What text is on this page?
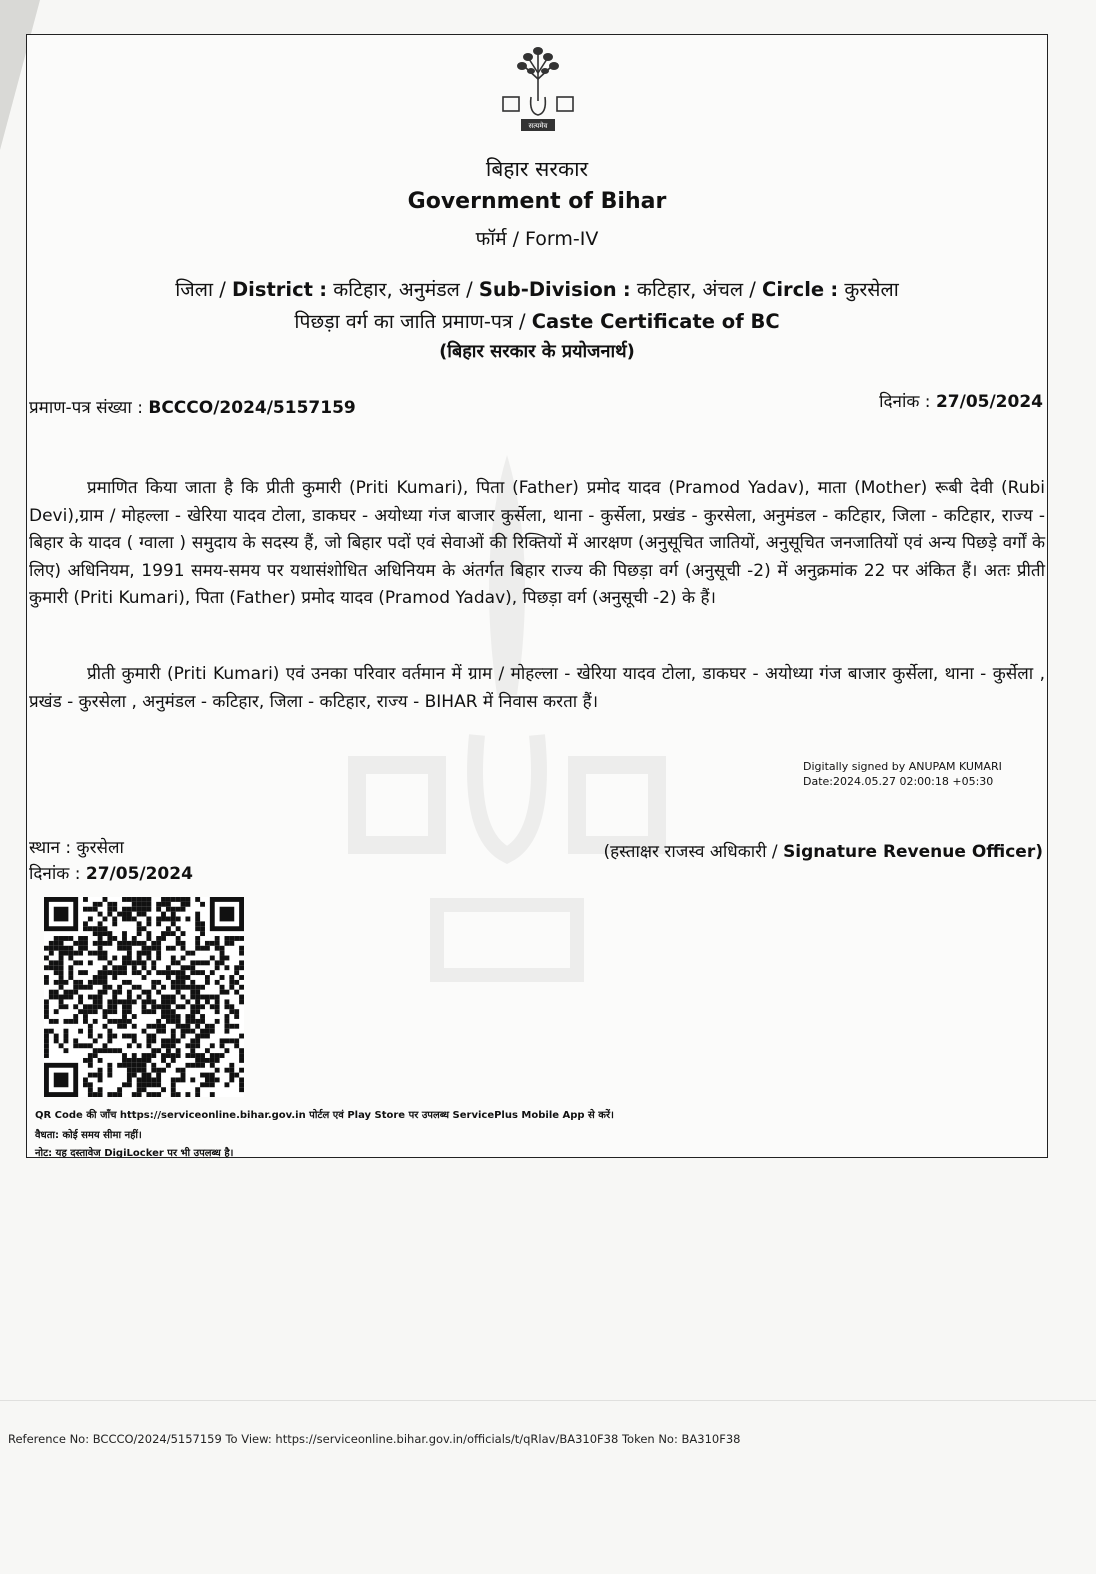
सत्यमेव
बिहार सरकार
Government of Bihar
फॉर्म / Form-IV
जिला / District : कटिहार, अनुमंडल / Sub-Division : कटिहार, अंचल / Circle : कुरसेला
पिछड़ा वर्ग का जाति प्रमाण-पत्र / Caste Certificate of BC
(बिहार सरकार के प्रयोजनार्थ)
प्रमाण-पत्र संख्या : BCCCO/2024/5157159	दिनांक : 27/05/2024
प्रमाणित किया जाता है कि प्रीती कुमारी (Priti Kumari), पिता (Father) प्रमोद यादव (Pramod Yadav), माता (Mother) रूबी देवी (Rubi Devi),ग्राम / मोहल्ला - खेरिया यादव टोला, डाकघर - अयोध्या गंज बाजार कुर्सेला, थाना - कुर्सेला, प्रखंड - कुरसेला, अनुमंडल - कटिहार, जिला - कटिहार, राज्य - बिहार के यादव ( ग्वाला ) समुदाय के सदस्य हैं, जो बिहार पदों एवं सेवाओं की रिक्तियों में आरक्षण (अनुसूचित जातियों, अनुसूचित जनजातियों एवं अन्य पिछड़े वर्गों के लिए) अधिनियम, 1991 समय-समय पर यथासंशोधित अधिनियम के अंतर्गत बिहार राज्य की पिछड़ा वर्ग (अनुसूची -2) में अनुक्रमांक 22 पर अंकित हैं। अतः प्रीती कुमारी (Priti Kumari), पिता (Father) प्रमोद यादव (Pramod Yadav), पिछड़ा वर्ग (अनुसूची -2) के हैं।
प्रीती कुमारी (Priti Kumari) एवं उनका परिवार वर्तमान में ग्राम / मोहल्ला - खेरिया यादव टोला, डाकघर - अयोध्या गंज बाजार कुर्सेला, थाना - कुर्सेला , प्रखंड - कुरसेला , अनुमंडल - कटिहार, जिला - कटिहार, राज्य - BIHAR में निवास करता हैं।
Digitally signed by ANUPAM KUMARI
Date:2024.05.27 02:00:18 +05:30
स्थान : कुरसेला
दिनांक : 27/05/2024
(हस्ताक्षर राजस्व अधिकारी / Signature Revenue Officer)
QR Code की जाँच https://serviceonline.bihar.gov.in पोर्टल एवं Play Store पर उपलब्ध ServicePlus Mobile App से करें।
वैधता: कोई समय सीमा नहीं।
नोट: यह दस्तावेज DigiLocker पर भी उपलब्ध है।
Reference No: BCCCO/2024/5157159 To View: https://serviceonline.bihar.gov.in/officials/t/qRlav/BA310F38 Token No: BA310F38
